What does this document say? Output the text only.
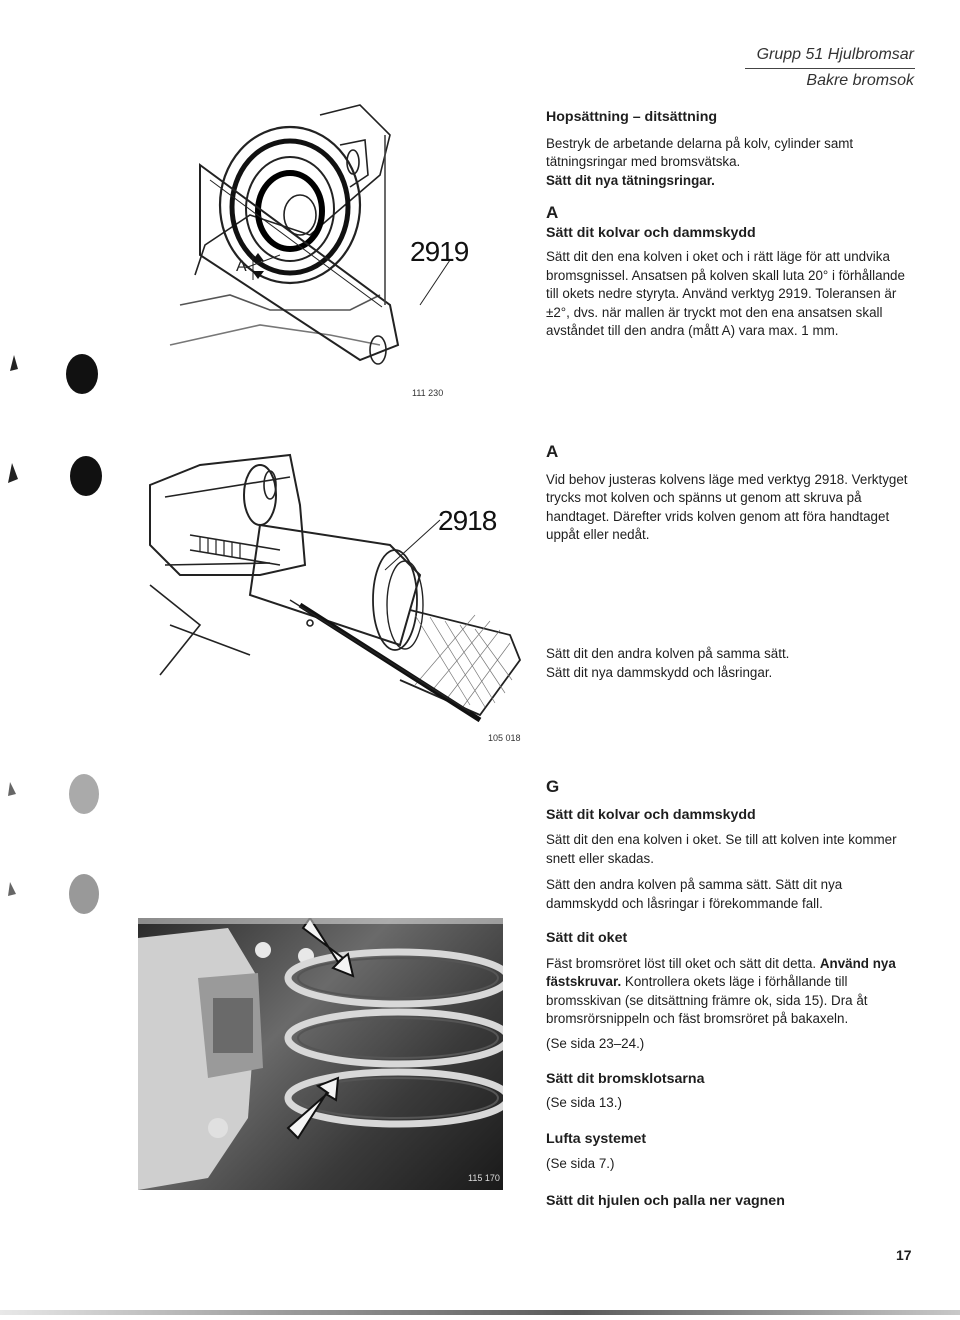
Grupp 51 Hjulbromsar
Bakre bromsok
A	2919
111 230

Hopsättning – ditsättning

Bestryk de arbetande delarna på kolv, cylinder samt tätningsringar med bromsvätska.

Sätt dit nya tätningsringar.

A

Sätt dit kolvar och dammskydd

Sätt dit den ena kolven i oket och i rätt läge för att undvika bromsgnissel. Ansatsen på kolven skall luta 20° i förhållande till okets nedre styryta. Använd verktyg 2919. Toleransen är ±2°, dvs. när mallen är tryckt mot den ena ansatsen skall avståndet till den andra (mått A) vara max. 1 mm.

2918
105 018

A

Vid behov justeras kolvens läge med verktyg 2918. Verktyget trycks mot kolven och spänns ut genom att skruva på handtaget. Därefter vrids kolven genom att föra handtaget uppåt eller nedåt.

Sätt dit den andra kolven på samma sätt.

Sätt dit nya dammskydd och låsringar.

115 170

G

Sätt dit kolvar och dammskydd

Sätt dit den ena kolven i oket. Se till att kolven inte kommer snett eller skadas.

Sätt den andra kolven på samma sätt. Sätt dit nya dammskydd och låsringar i förekommande fall.

Sätt dit oket

Fäst bromsröret löst till oket och sätt dit detta. Använd nya fästskruvar. Kontrollera okets läge i förhållande till bromsskivan (se ditsättning främre ok, sida 15). Dra åt bromsrörsnippeln och fäst bromsröret på bakaxeln.

(Se sida 23–24.)

Sätt dit bromsklotsarna

(Se sida 13.)

Lufta systemet

(Se sida 7.)

Sätt dit hjulen och palla ner vagnen

17
